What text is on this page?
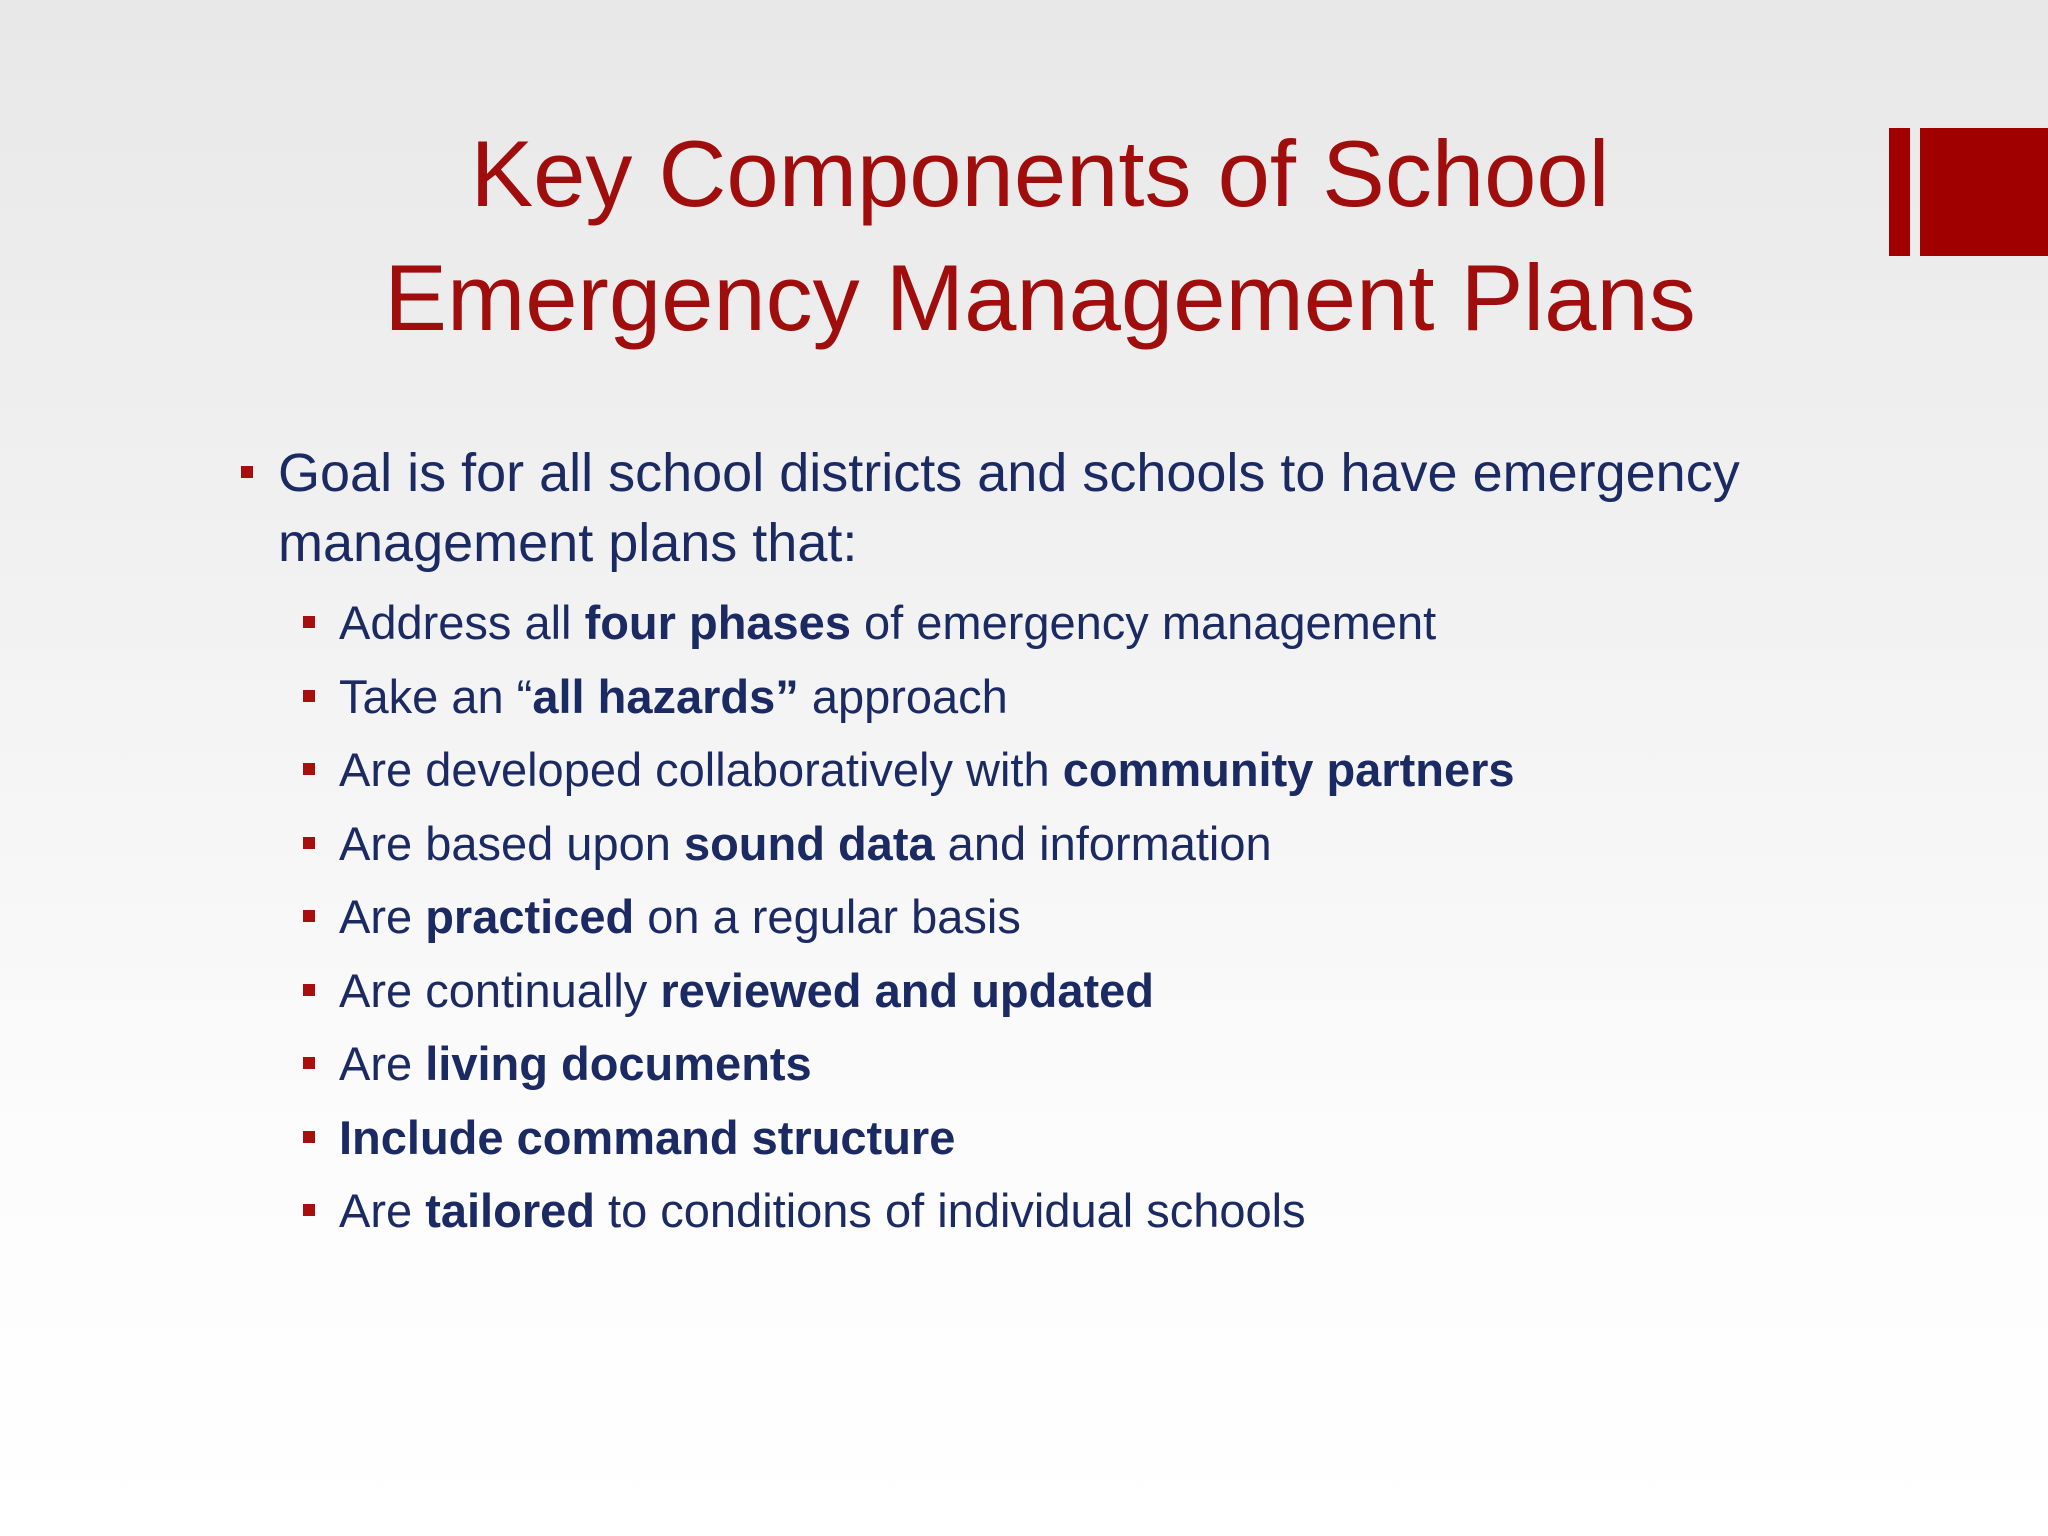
Key Components of School
Emergency Management Plans
Goal is for all school districts and schools to have emergency management plans that:
Address all four phases of emergency management
Take an “all hazards” approach
Are developed collaboratively with community partners
Are based upon sound data and information
Are practiced on a regular basis
Are continually reviewed and updated
Are living documents
Include command structure
Are tailored to conditions of individual schools
